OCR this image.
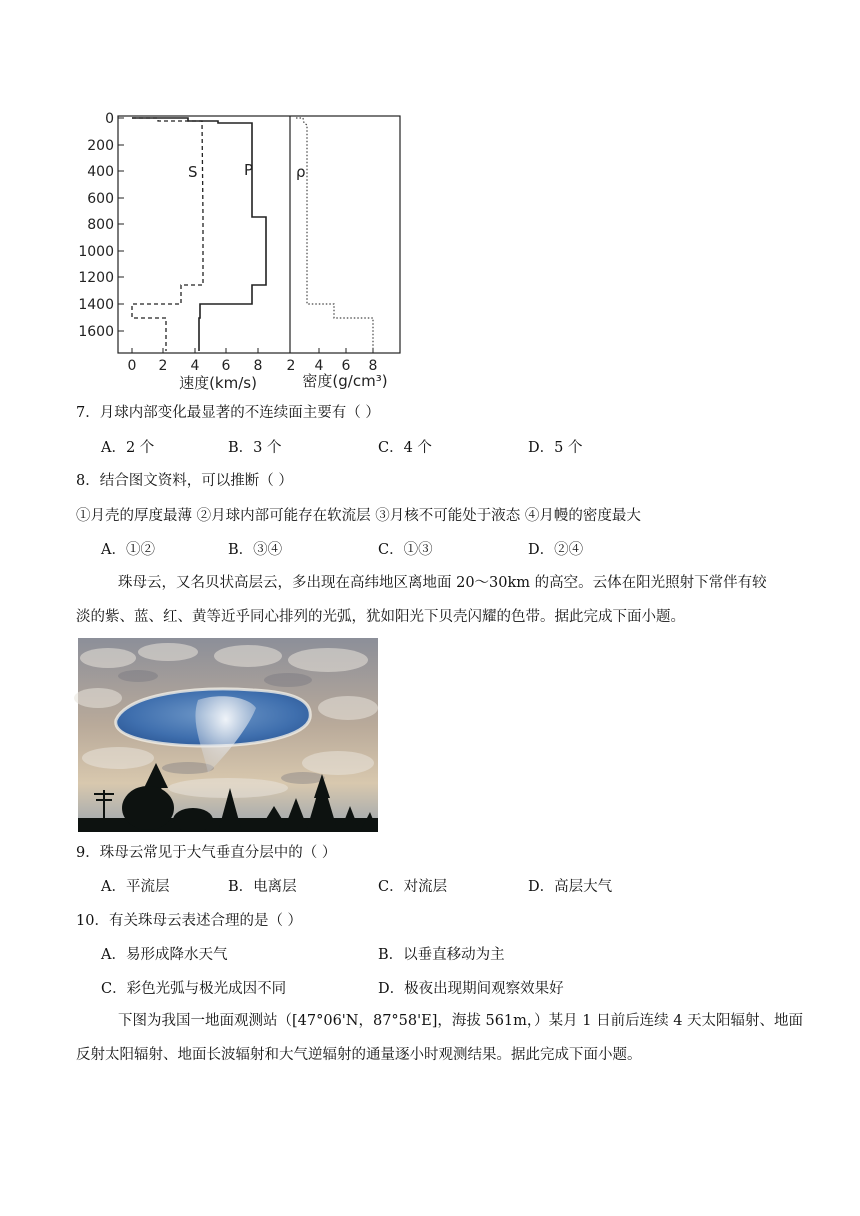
0
200
400
600
800
1000
1200
1400
1600
0 2 4 6 8 2 4 6 8
速度(km/s)	密度(g/cm³)
S	P	ρ
7．月球内部变化最显著的不连续面主要有（ ）
A．2 个	B．3 个	C．4 个	D．5 个
8．结合图文资料，可以推断（ ）
①月壳的厚度最薄 ②月球内部可能存在软流层 ③月核不可能处于液态 ④月幔的密度最大
A．①②	B．③④	C．①③	D．②④
珠母云，又名贝状高层云，多出现在高纬地区离地面 20～30km 的高空。云体在阳光照射下常伴有较
淡的紫、蓝、红、黄等近乎同心排列的光弧，犹如阳光下贝壳闪耀的色带。据此完成下面小题。
9．珠母云常见于大气垂直分层中的（ ）
A．平流层	B．电离层	C．对流层	D．高层大气
10．有关珠母云表述合理的是（ ）
A．易形成降水天气	B．以垂直移动为主
C．彩色光弧与极光成因不同	D．极夜出现期间观察效果好
下图为我国一地面观测站（[47°06'N，87°58'E]，海拔 561m，）某月 1 日前后连续 4 天太阳辐射、地面
反射太阳辐射、地面长波辐射和大气逆辐射的通量逐小时观测结果。据此完成下面小题。
